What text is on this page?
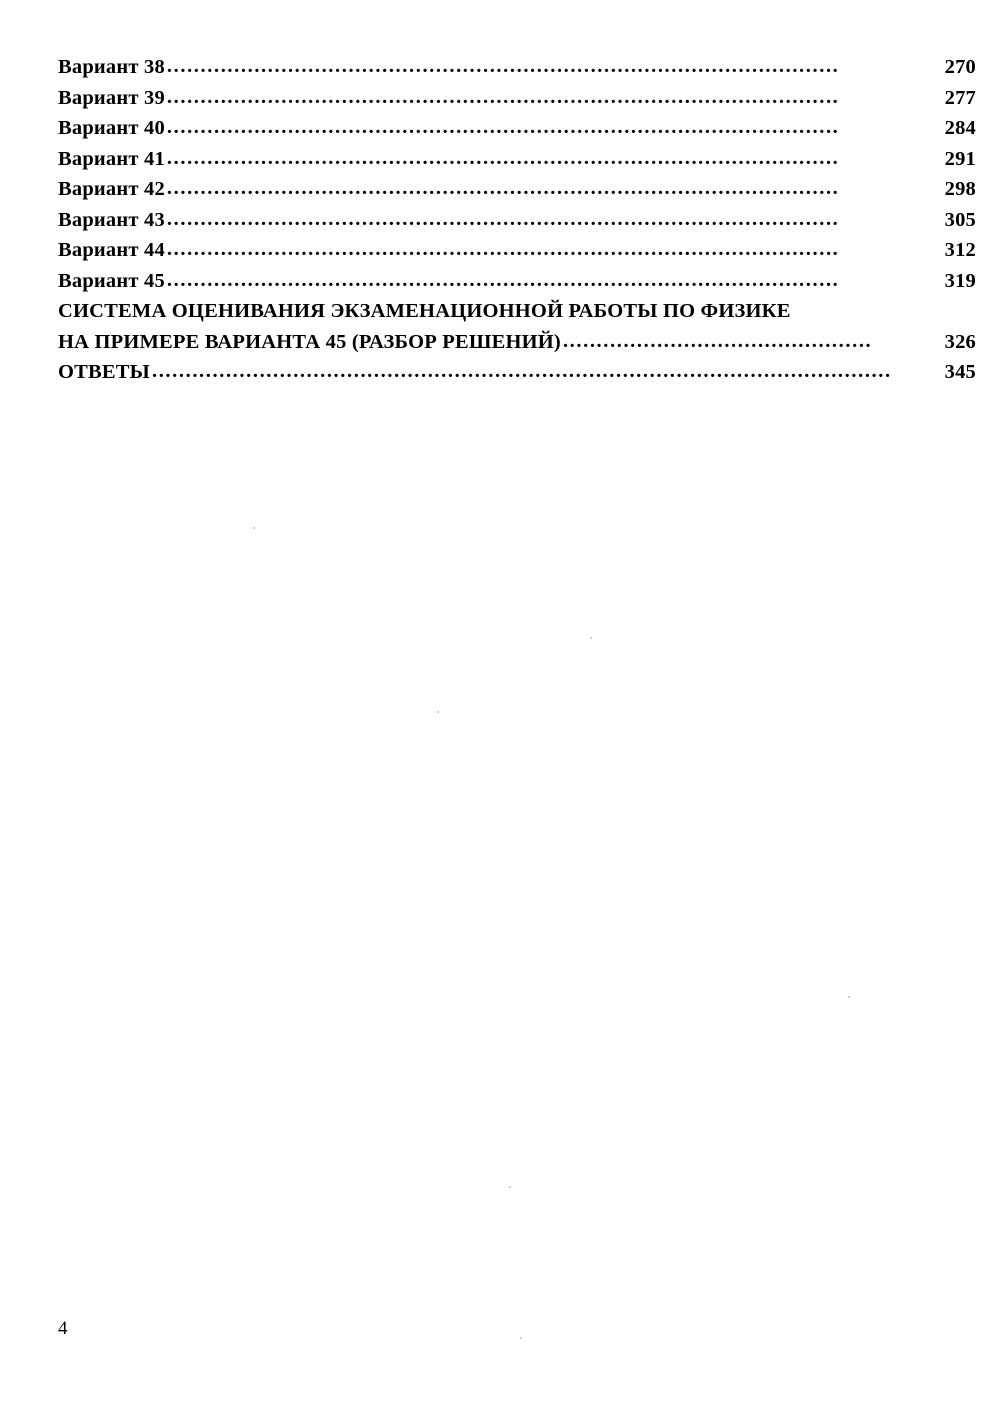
Вариант 38 ....................................................................................................	270
Вариант 39 ....................................................................................................	277
Вариант 40 ....................................................................................................	284
Вариант 41 ....................................................................................................	291
Вариант 42 ....................................................................................................	298
Вариант 43 ....................................................................................................	305
Вариант 44 ....................................................................................................	312
Вариант 45 ....................................................................................................	319
СИСТЕМА ОЦЕНИВАНИЯ ЭКЗАМЕНАЦИОННОЙ РАБОТЫ ПО ФИЗИКЕ
НА ПРИМЕРЕ ВАРИАНТА 45 (РАЗБОР РЕШЕНИЙ) ..............................................	326
ОТВЕТЫ ..............................................................................................................	345
4
